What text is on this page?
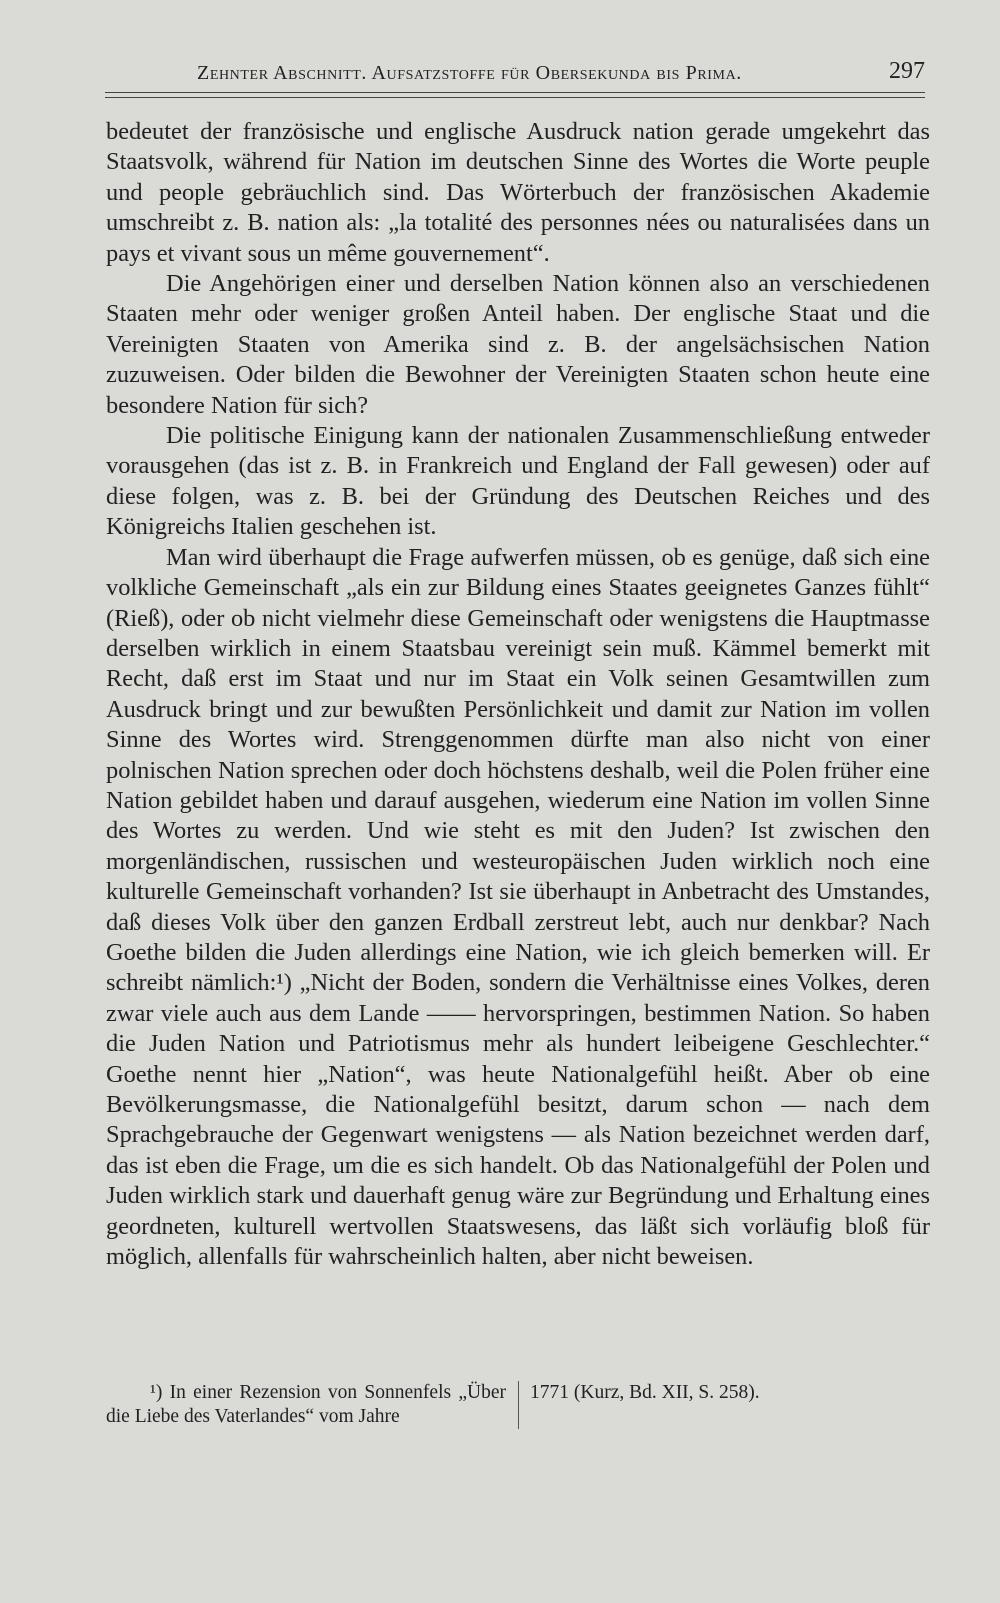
Zehnter Abschnitt. Aufsatzstoffe für Obersekunda bis Prima.	297

bedeutet der französische und englische Ausdruck nation gerade umgekehrt das Staatsvolk, während für Nation im deutschen Sinne des Wortes die Worte peuple und people gebräuchlich sind. Das Wörterbuch der französischen Akademie umschreibt z. B. nation als: „la totalité des personnes nées ou naturalisées dans un pays et vivant sous un même gouvernement“.

Die Angehörigen einer und derselben Nation können also an verschiedenen Staaten mehr oder weniger großen Anteil haben. Der englische Staat und die Vereinigten Staaten von Amerika sind z. B. der angelsächsischen Nation zuzuweisen. Oder bilden die Bewohner der Vereinigten Staaten schon heute eine besondere Nation für sich?

Die politische Einigung kann der nationalen Zusammenschließung entweder vorausgehen (das ist z. B. in Frankreich und England der Fall gewesen) oder auf diese folgen, was z. B. bei der Gründung des Deutschen Reiches und des Königreichs Italien geschehen ist.

Man wird überhaupt die Frage aufwerfen müssen, ob es genüge, daß sich eine volkliche Gemeinschaft „als ein zur Bildung eines Staates geeignetes Ganzes fühlt“ (Rieß), oder ob nicht vielmehr diese Gemeinschaft oder wenigstens die Hauptmasse derselben wirklich in einem Staatsbau vereinigt sein muß. Kämmel bemerkt mit Recht, daß erst im Staat und nur im Staat ein Volk seinen Gesamtwillen zum Ausdruck bringt und zur bewußten Persönlichkeit und damit zur Nation im vollen Sinne des Wortes wird. Strenggenommen dürfte man also nicht von einer polnischen Nation sprechen oder doch höchstens deshalb, weil die Polen früher eine Nation gebildet haben und darauf ausgehen, wiederum eine Nation im vollen Sinne des Wortes zu werden. Und wie steht es mit den Juden? Ist zwischen den morgenländischen, russischen und westeuropäischen Juden wirklich noch eine kulturelle Gemeinschaft vorhanden? Ist sie überhaupt in Anbetracht des Umstandes, daß dieses Volk über den ganzen Erdball zerstreut lebt, auch nur denkbar? Nach Goethe bilden die Juden allerdings eine Nation, wie ich gleich bemerken will. Er schreibt nämlich:¹) „Nicht der Boden, sondern die Verhältnisse eines Volkes, deren zwar viele auch aus dem Lande —— hervorspringen, bestimmen Nation. So haben die Juden Nation und Patriotismus mehr als hundert leibeigene Geschlechter.“ Goethe nennt hier „Nation“, was heute Nationalgefühl heißt. Aber ob eine Bevölkerungsmasse, die Nationalgefühl besitzt, darum schon — nach dem Sprachgebrauche der Gegenwart wenigstens — als Nation bezeichnet werden darf, das ist eben die Frage, um die es sich handelt. Ob das Nationalgefühl der Polen und Juden wirklich stark und dauerhaft genug wäre zur Begründung und Erhaltung eines geordneten, kulturell wertvollen Staatswesens, das läßt sich vorläufig bloß für möglich, allenfalls für wahrscheinlich halten, aber nicht beweisen.

¹) In einer Rezension von Sonnenfels „Über die Liebe des Vaterlandes“ vom Jahre

1771 (Kurz, Bd. XII, S. 258).
